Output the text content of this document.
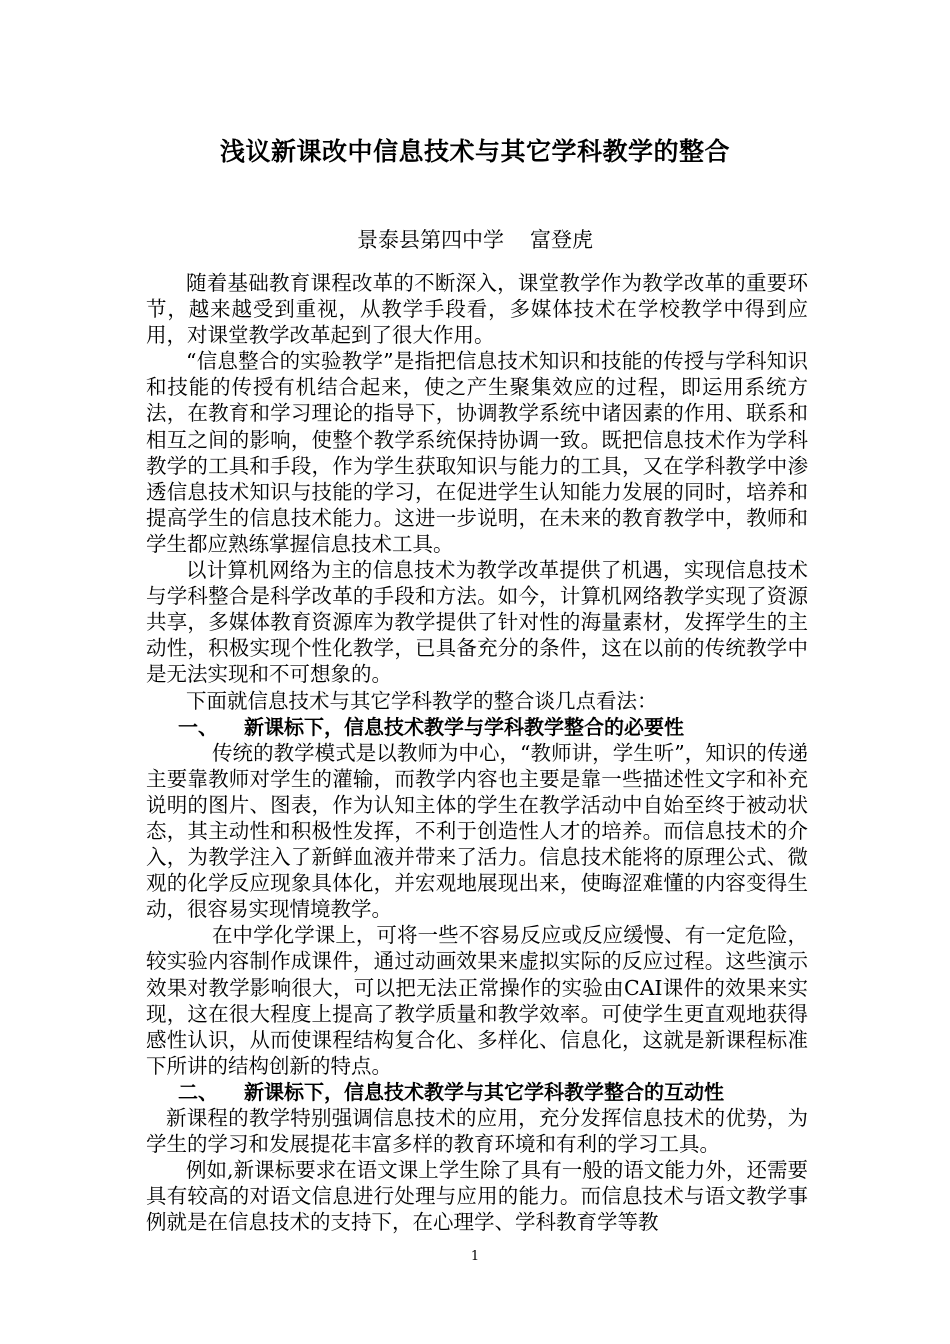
浅议新课改中信息技术与其它学科教学的整合
景泰县第四中学 富登虎

随着基础教育课程改革的不断深入，课堂教学作为教学改革的重要环节，越来越受到重视，从教学手段看，多媒体技术在学校教学中得到应用，对课堂教学改革起到了很大作用。

“信息整合的实验教学”是指把信息技术知识和技能的传授与学科知识和技能的传授有机结合起来，使之产生聚集效应的过程，即运用系统方法，在教育和学习理论的指导下，协调教学系统中诸因素的作用、联系和相互之间的影响，使整个教学系统保持协调一致。既把信息技术作为学科教学的工具和手段，作为学生获取知识与能力的工具，又在学科教学中渗透信息技术知识与技能的学习，在促进学生认知能力发展的同时，培养和提高学生的信息技术能力。这进一步说明，在未来的教育教学中，教师和学生都应熟练掌握信息技术工具。

以计算机网络为主的信息技术为教学改革提供了机遇，实现信息技术与学科整合是科学改革的手段和方法。如今，计算机网络教学实现了资源共享，多媒体教育资源库为教学提供了针对性的海量素材，发挥学生的主动性，积极实现个性化教学，已具备充分的条件，这在以前的传统教学中是无法实现和不可想象的。

下面就信息技术与其它学科教学的整合谈几点看法：

一、 新课标下，信息技术教学与学科教学整合的必要性

传统的教学模式是以教师为中心，“教师讲，学生听”，知识的传递主要靠教师对学生的灌输，而教学内容也主要是靠一些描述性文字和补充说明的图片、图表，作为认知主体的学生在教学活动中自始至终于被动状态，其主动性和积极性发挥，不利于创造性人才的培养。而信息技术的介入，为教学注入了新鲜血液并带来了活力。信息技术能将的原理公式、微观的化学反应现象具体化，并宏观地展现出来，使晦涩难懂的内容变得生动，很容易实现情境教学。

在中学化学课上，可将一些不容易反应或反应缓慢、有一定危险，较实验内容制作成课件，通过动画效果来虚拟实际的反应过程。这些演示效果对教学影响很大，可以把无法正常操作的实验由CAI课件的效果来实现，这在很大程度上提高了教学质量和教学效率。可使学生更直观地获得感性认识，从而使课程结构复合化、多样化、信息化，这就是新课程标准下所讲的结构创新的特点。

二、 新课标下，信息技术教学与其它学科教学整合的互动性

新课程的教学特别强调信息技术的应用，充分发挥信息技术的优势，为学生的学习和发展提花丰富多样的教育环境和有利的学习工具。

例如,新课标要求在语文课上学生除了具有一般的语文能力外，还需要具有较高的对语文信息进行处理与应用的能力。而信息技术与语文教学事例就是在信息技术的支持下，在心理学、学科教育学等教

1
